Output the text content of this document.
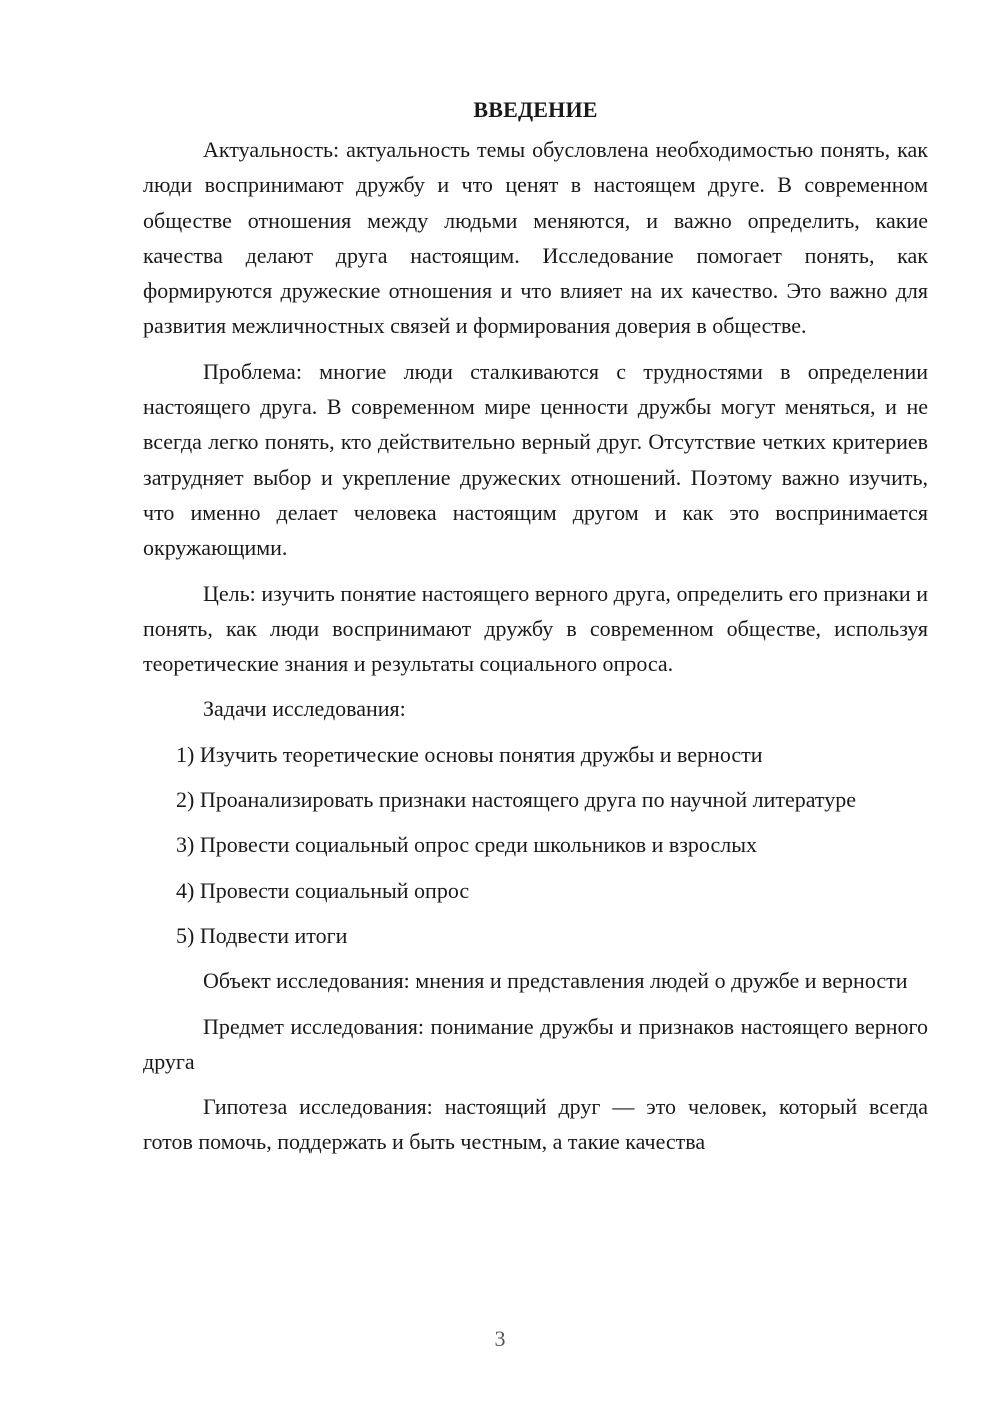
ВВЕДЕНИЕ

Актуальность: актуальность темы обусловлена необходимостью понять, как люди воспринимают дружбу и что ценят в настоящем друге. В современном обществе отношения между людьми меняются, и важно определить, какие качества делают друга настоящим. Исследование помогает понять, как формируются дружеские отношения и что влияет на их качество. Это важно для развития межличностных связей и формирования доверия в обществе.

Проблема: многие люди сталкиваются с трудностями в определении настоящего друга. В современном мире ценности дружбы могут меняться, и не всегда легко понять, кто действительно верный друг. Отсутствие четких критериев затрудняет выбор и укрепление дружеских отношений. Поэтому важно изучить, что именно делает человека настоящим другом и как это воспринимается окружающими.

Цель: изучить понятие настоящего верного друга, определить его признаки и понять, как люди воспринимают дружбу в современном обществе, используя теоретические знания и результаты социального опроса.

Задачи исследования:

1) Изучить теоретические основы понятия дружбы и верности

2) Проанализировать признаки настоящего друга по научной литературе

3) Провести социальный опрос среди школьников и взрослых

4) Провести социальный опрос

5) Подвести итоги

Объект исследования: мнения и представления людей о дружбе и верности

Предмет исследования: понимание дружбы и признаков настоящего верного друга

Гипотеза исследования: настоящий друг — это человек, который всегда готов помочь, поддержать и быть честным, а такие качества

3
